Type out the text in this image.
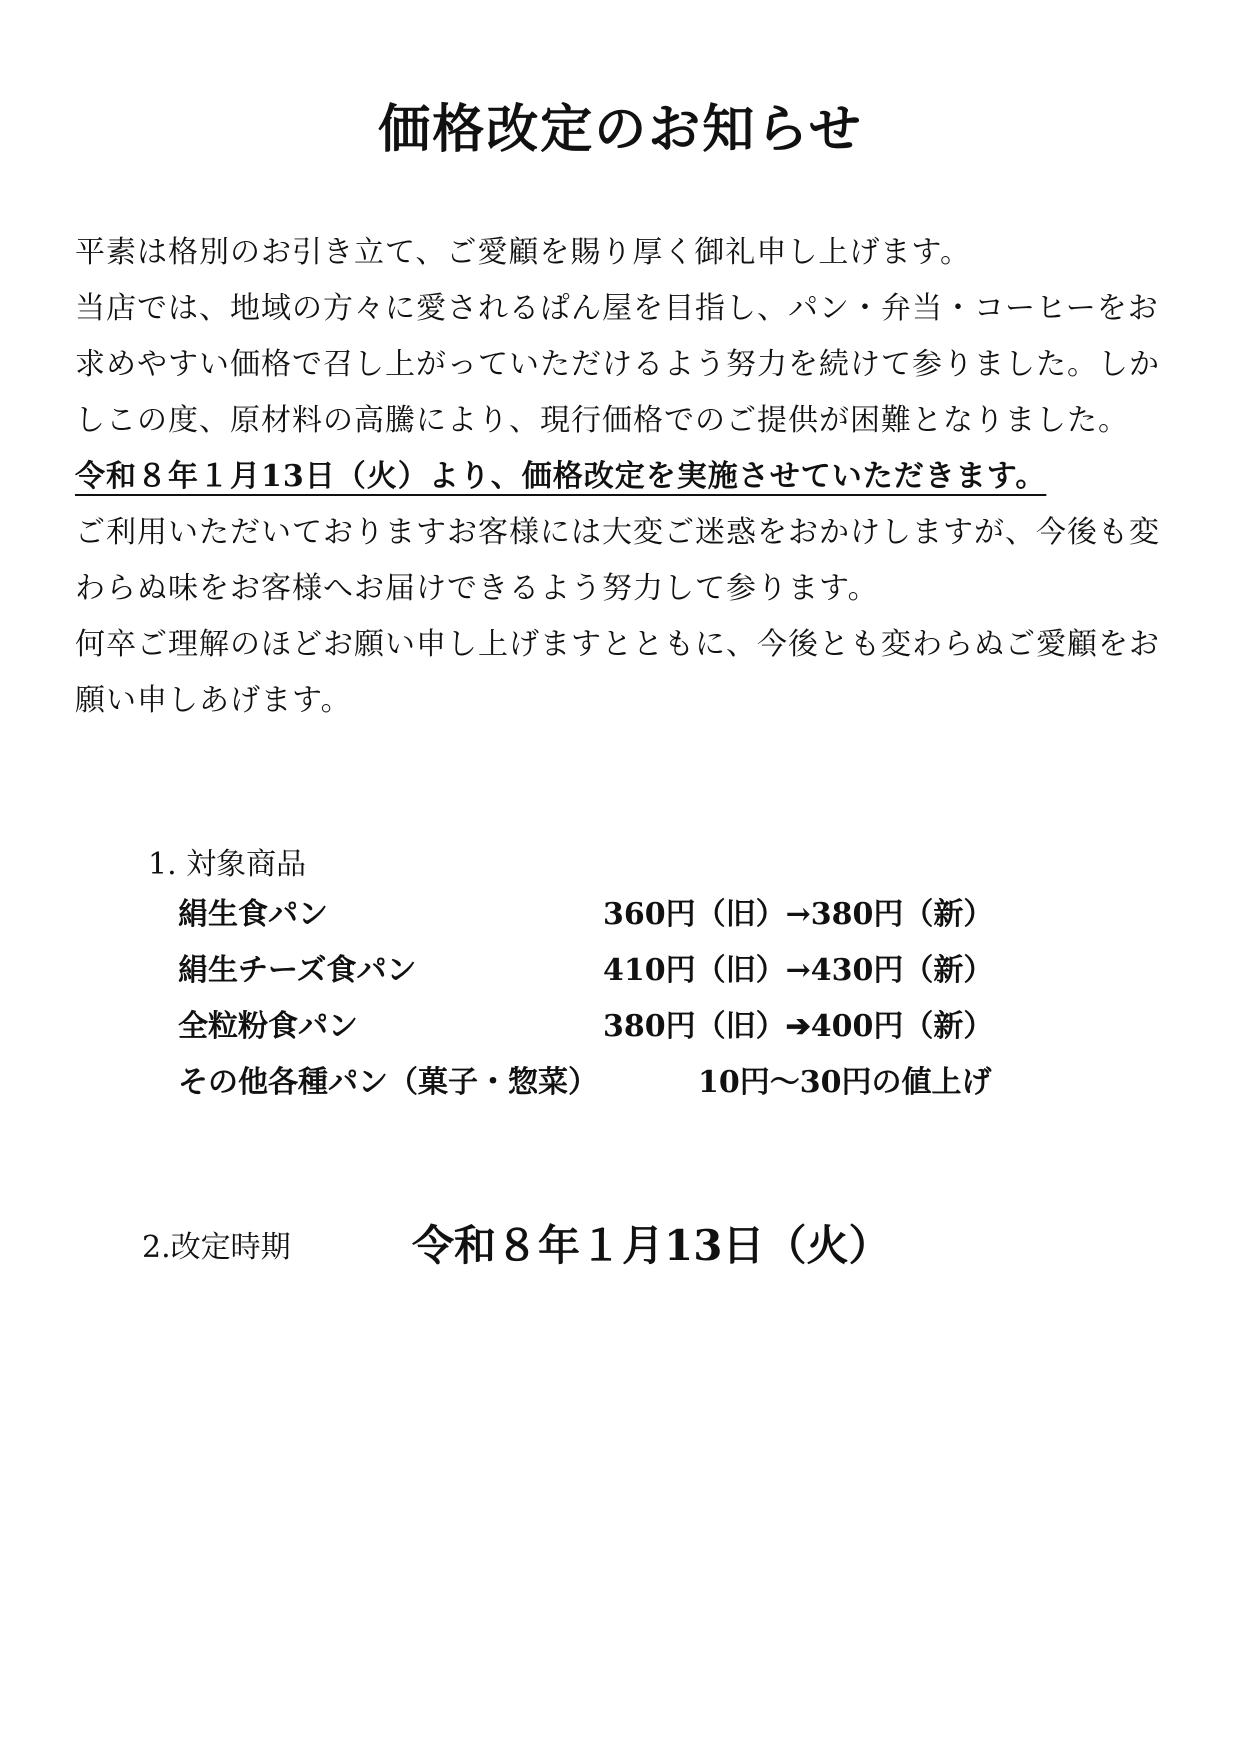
価格改定のお知らせ

平素は格別のお引き立て、ご愛顧を賜り厚く御礼申し上げます。

当店では、地域の方々に愛されるぱん屋を目指し、パン・弁当・コーヒーをお求めやすい価格で召し上がっていただけるよう努力を続けて参りました。しかしこの度、原材料の高騰により、現行価格でのご提供が困難となりました。

令和８年１月13日（火）より、価格改定を実施させていただきます。

ご利用いただいておりますお客様には大変ご迷惑をおかけしますが、今後も変わらぬ味をお客様へお届けできるよう努力して参ります。

何卒ご理解のほどお願い申し上げますとともに、今後とも変わらぬご愛顧をお願い申しあげます。

1. 対象商品
絹生食パン	360円（旧）→380円（新）
絹生チーズ食パン	410円（旧）→430円（新）
全粒粉食パン	380円（旧）➔400円（新）
その他各種パン（菓子・惣菜）	10円〜30円の値上げ
2.改定時期	令和８年１月13日（火）
